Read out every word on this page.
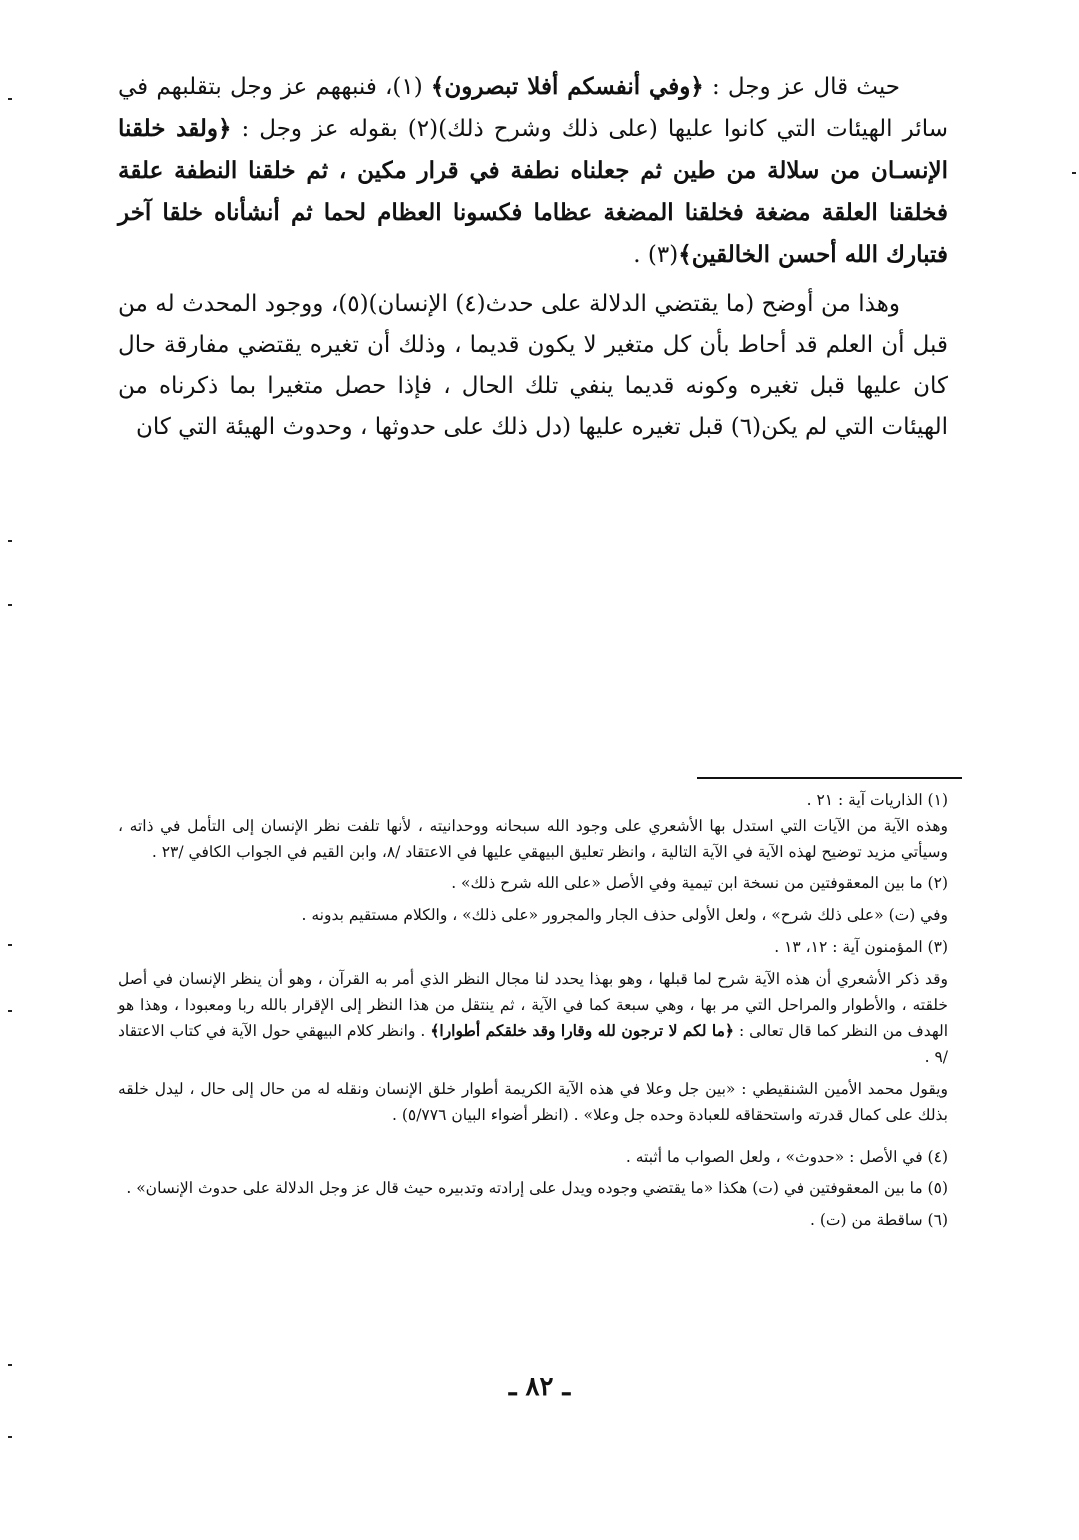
حيث قال عز وجل : ﴿وفي أنفسكم أفلا تبصرون﴾ (١)، فنبههم عز وجل بتقلبهم في سائر الهيئات التي كانوا عليها (على ذلك وشرح ذلك)(٢) بقوله عز وجل : ﴿ولقد خلقنا الإنسـان من سلالة من طين ثم جعلناه نطفة في قرار مكين ، ثم خلقنا النطفة علقة فخلقنا العلقة مضغة فخلقنا المضغة عظاما فكسونا العظام لحما ثم أنشأناه خلقا آخر فتبارك الله أحسن الخالقين﴾(٣) .

وهذا من أوضح (ما يقتضي الدلالة على حدث(٤) الإنسان)(٥)، ووجود المحدث له من قبل أن العلم قد أحاط بأن كل متغير لا يكون قديما ، وذلك أن تغيره يقتضي مفارقة حال كان عليها قبل تغيره وكونه قديما ينفي تلك الحال ، فإذا حصل متغيرا بما ذكرناه من الهيئات التي لم يكن(٦) قبل تغيره عليها (دل ذلك على حدوثها ، وحدوث الهيئة التي كان

(١) الذاريات آية : ٢١ .

وهذه الآية من الآيات التي استدل بها الأشعري على وجود الله سبحانه ووحدانيته ، لأنها تلفت نظر الإنسان إلى التأمل في ذاته ، وسيأتي مزيد توضيح لهذه الآية في الآية التالية ، وانظر تعليق البيهقي عليها في الاعتقاد /٨، وابن القيم في الجواب الكافي /٢٣ .

(٢) ما بين المعقوفتين من نسخة ابن تيمية وفي الأصل «على الله شرح ذلك» .

وفي (ت) «على ذلك شرح» ، ولعل الأولى حذف الجار والمجرور «على ذلك» ، والكلام مستقيم بدونه .

(٣) المؤمنون آية : ١٢، ١٣ .

وقد ذكر الأشعري أن هذه الآية شرح لما قبلها ، وهو بهذا يحدد لنا مجال النظر الذي أمر به القرآن ، وهو أن ينظر الإنسان في أصل خلقته ، والأطوار والمراحل التي مر بها ، وهي سبعة كما في الآية ، ثم ينتقل من هذا النظر إلى الإقرار بالله ربا ومعبودا ، وهذا هو الهدف من النظر كما قال تعالى : ﴿ما لكم لا ترجون لله وقارا وقد خلقكم أطوارا﴾ . وانظر كلام البيهقي حول الآية في كتاب الاعتقاد /٩ .

ويقول محمد الأمين الشنقيطي : «بين جل وعلا في هذه الآية الكريمة أطوار خلق الإنسان ونقله له من حال إلى حال ، ليدل خلقه بذلك على كمال قدرته واستحقاقه للعبادة وحده جل وعلا» . (انظر أضواء البيان ٥/٧٧٦) .

(٤) في الأصل : «حدوث» ، ولعل الصواب ما أثبته .

(٥) ما بين المعقوفتين في (ت) هكذا «ما يقتضي وجوده ويدل على إرادته وتدبيره حيث قال عز وجل الدلالة على حدوث الإنسان» .

(٦) ساقطة من (ت) .

ـ ٨٢ ـ
